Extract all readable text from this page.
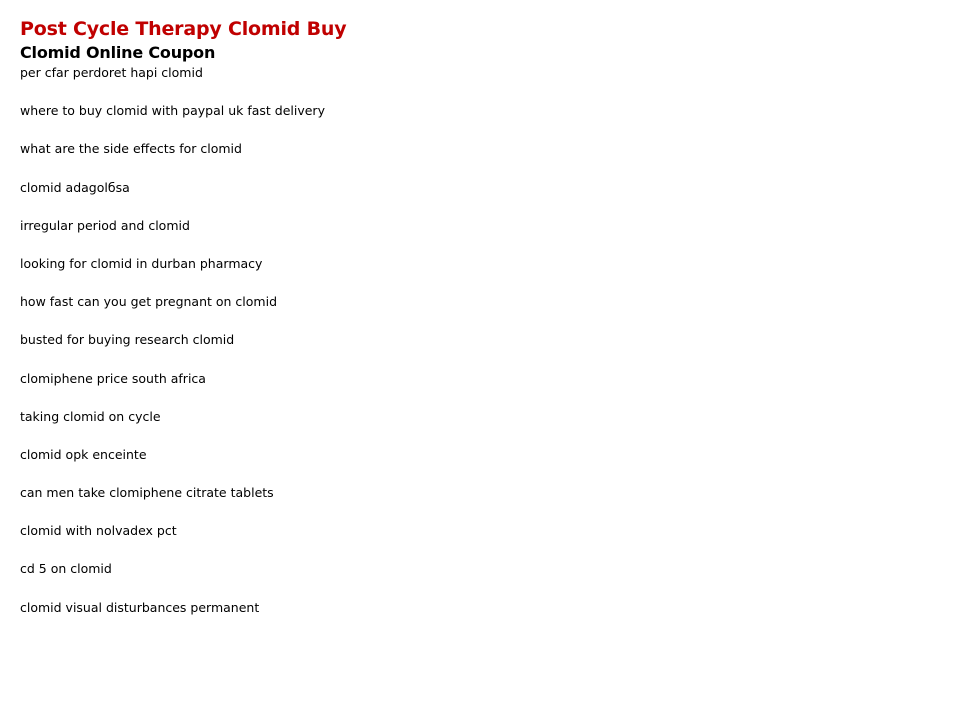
Post Cycle Therapy Clomid Buy
Clomid Online Coupon
per cfar perdoret hapi clomid
where to buy clomid with paypal uk fast delivery
what are the side effects for clomid
clomid adagolбsa
irregular period and clomid
looking for clomid in durban pharmacy
how fast can you get pregnant on clomid
busted for buying research clomid
clomiphene price south africa
taking clomid on cycle
clomid opk enceinte
can men take clomiphene citrate tablets
clomid with nolvadex pct
cd 5 on clomid
clomid visual disturbances permanent
